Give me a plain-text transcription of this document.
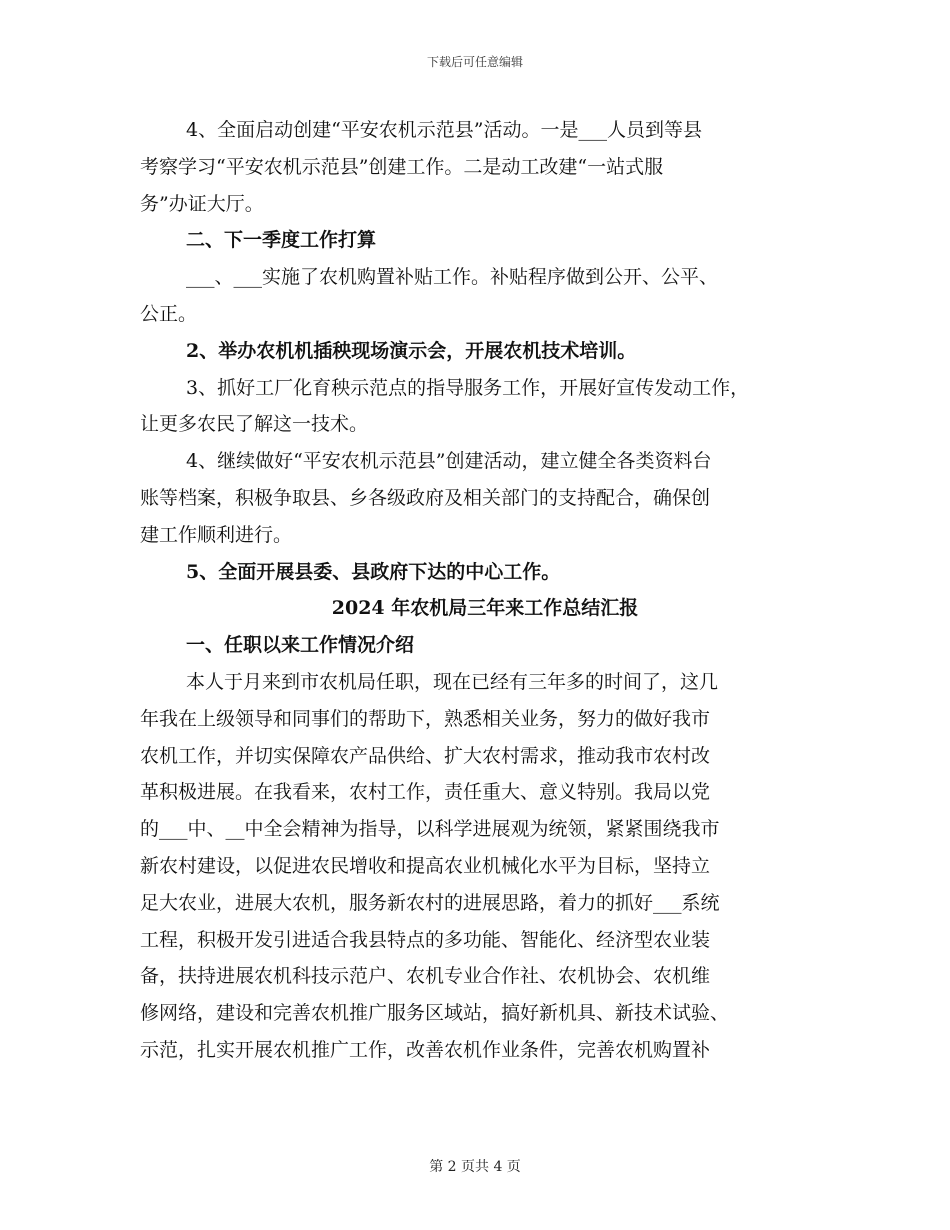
下载后可任意编辑
4、全面启动创建“平安农机示范县”活动。一是___人员到等县
考察学习“平安农机示范县”创建工作。二是动工改建“一站式服
务”办证大厅。
二、下一季度工作打算
___、___实施了农机购置补贴工作。补贴程序做到公开、公平、
公正。
2、举办农机机插秧现场演示会，开展农机技术培训。
3、抓好工厂化育秧示范点的指导服务工作，开展好宣传发动工作，
让更多农民了解这一技术。
4、继续做好“平安农机示范县”创建活动，建立健全各类资料台
账等档案，积极争取县、乡各级政府及相关部门的支持配合，确保创
建工作顺利进行。
5、全面开展县委、县政府下达的中心工作。
2024 年农机局三年来工作总结汇报
一、任职以来工作情况介绍
本人于月来到市农机局任职，现在已经有三年多的时间了，这几
年我在上级领导和同事们的帮助下，熟悉相关业务，努力的做好我市
农机工作，并切实保障农产品供给、扩大农村需求，推动我市农村改
革积极进展。在我看来，农村工作，责任重大、意义特别。我局以党
的___中、__中全会精神为指导，以科学进展观为统领，紧紧围绕我市
新农村建设，以促进农民增收和提高农业机械化水平为目标，坚持立
足大农业，进展大农机，服务新农村的进展思路，着力的抓好___系统
工程，积极开发引进适合我县特点的多功能、智能化、经济型农业装
备，扶持进展农机科技示范户、农机专业合作社、农机协会、农机维
修网络，建设和完善农机推广服务区域站，搞好新机具、新技术试验、
示范，扎实开展农机推广工作，改善农机作业条件，完善农机购置补
第 2 页共 4 页
